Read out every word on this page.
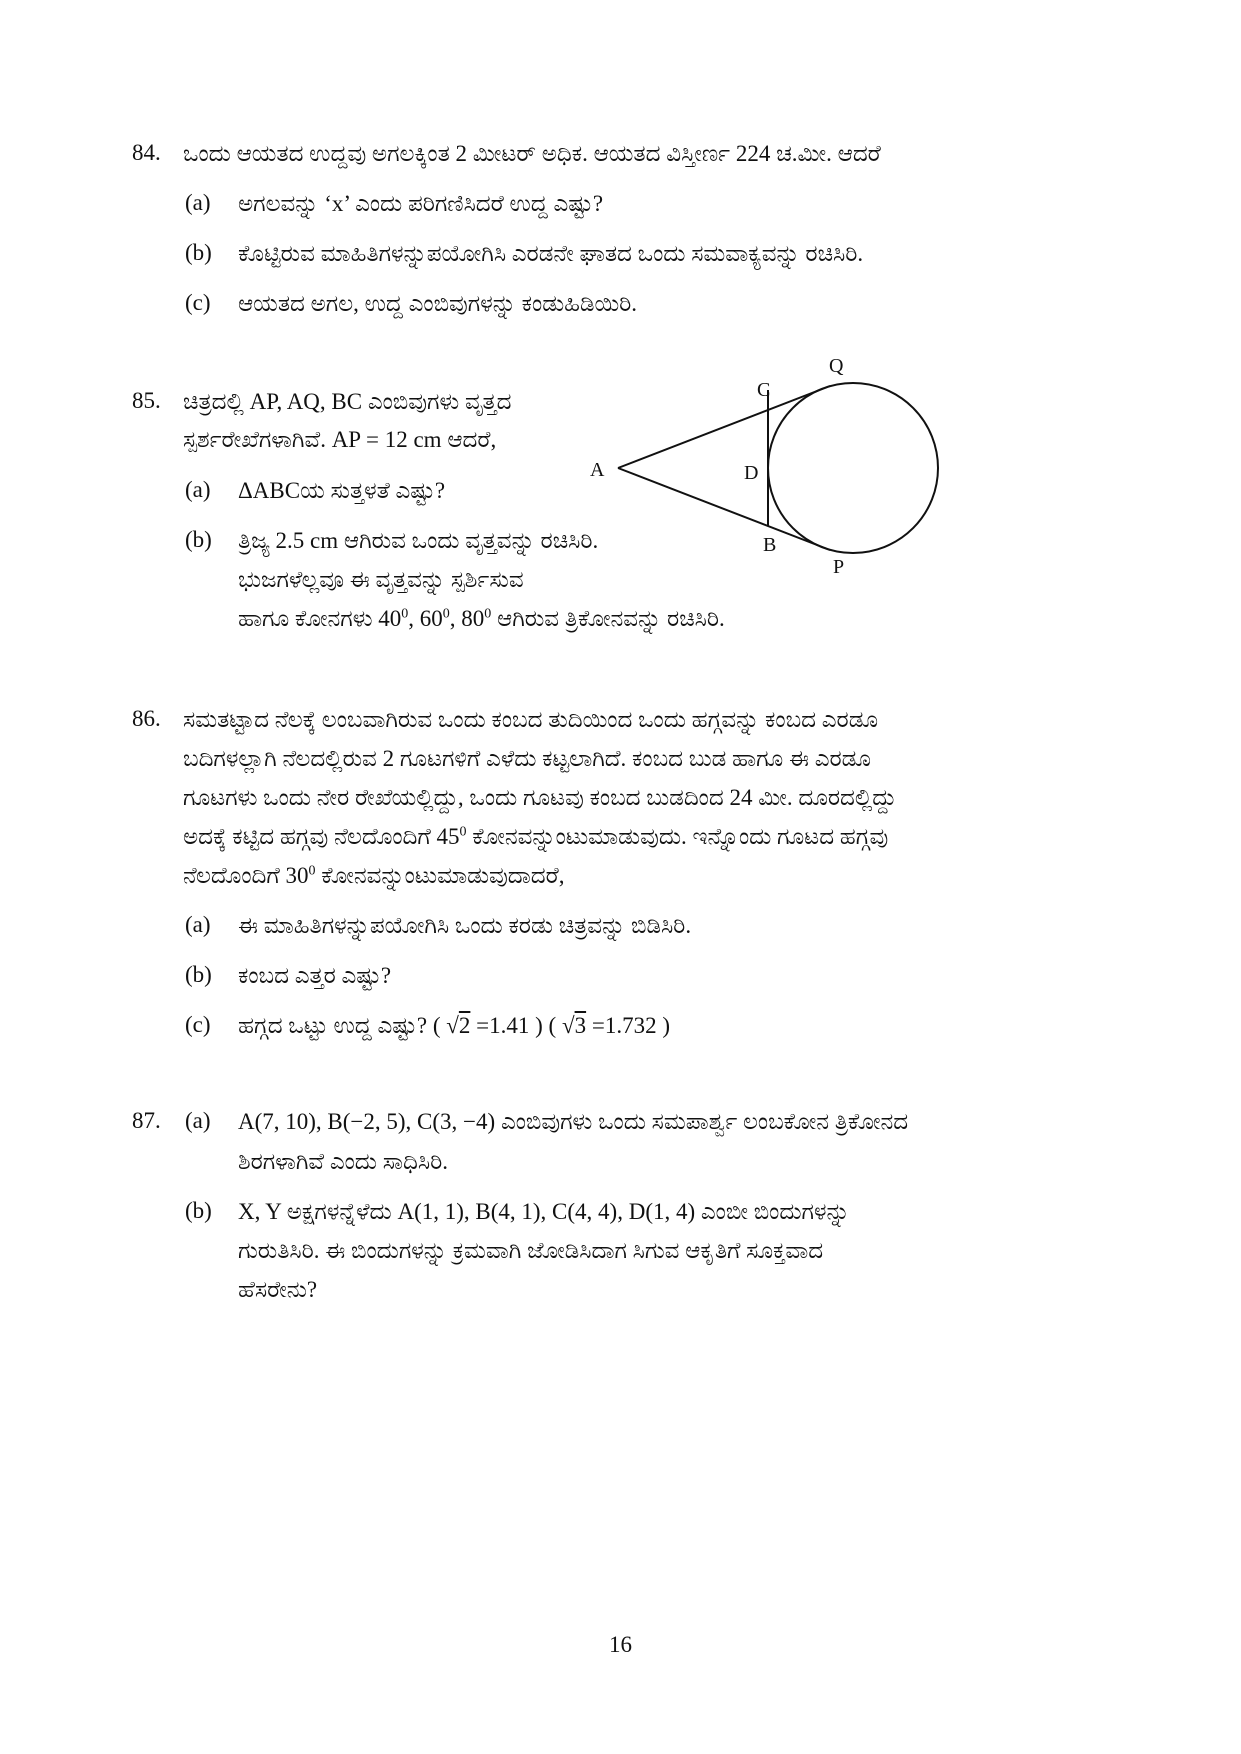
84. ಒಂದು ಆಯತದ ಉದ್ದವು ಅಗಲಕ್ಕಿಂತ 2 ಮೀಟರ್ ಅಧಿಕ. ಆಯತದ ವಿಸ್ತೀರ್ಣ 224 ಚ.ಮೀ. ಆದರೆ
(a) ಅಗಲವನ್ನು ‘x’ ಎಂದು ಪರಿಗಣಿಸಿದರೆ ಉದ್ದ ಎಷ್ಟು?
(b) ಕೊಟ್ಟಿರುವ ಮಾಹಿತಿಗಳನ್ನುಪಯೋಗಿಸಿ ಎರಡನೇ ಘಾತದ ಒಂದು ಸಮವಾಕ್ಯವನ್ನು ರಚಿಸಿರಿ.
(c) ಆಯತದ ಅಗಲ, ಉದ್ದ ಎಂಬಿವುಗಳನ್ನು ಕಂಡುಹಿಡಿಯಿರಿ.
85. ಚಿತ್ರದಲ್ಲಿ AP, AQ, BC ಎಂಬಿವುಗಳು ವೃತ್ತದ
ಸ್ಪರ್ಶರೇಖೆಗಳಾಗಿವೆ. AP = 12 cm ಆದರೆ,
(a) ΔABCಯ ಸುತ್ತಳತೆ ಎಷ್ಟು?
(b) ತ್ರಿಜ್ಯ 2.5 cm ಆಗಿರುವ ಒಂದು ವೃತ್ತವನ್ನು ರಚಿಸಿರಿ.
ಭುಜಗಳೆಲ್ಲವೂ ಈ ವೃತ್ತವನ್ನು ಸ್ಪರ್ಶಿಸುವ
ಹಾಗೂ ಕೋನಗಳು $40^0$, $60^0$, $80^0$ ಆಗಿರುವ ತ್ರಿಕೋನವನ್ನು ರಚಿಸಿರಿ.
A
C
D
B
Q
P
86. ಸಮತಟ್ಟಾದ ನೆಲಕ್ಕೆ ಲಂಬವಾಗಿರುವ ಒಂದು ಕಂಬದ ತುದಿಯಿಂದ ಒಂದು ಹಗ್ಗವನ್ನು ಕಂಬದ ಎರಡೂ
ಬದಿಗಳಲ್ಲಾಗಿ ನೆಲದಲ್ಲಿರುವ 2 ಗೂಟಗಳಿಗೆ ಎಳೆದು ಕಟ್ಟಲಾಗಿದೆ. ಕಂಬದ ಬುಡ ಹಾಗೂ ಈ ಎರಡೂ
ಗೂಟಗಳು ಒಂದು ನೇರ ರೇಖೆಯಲ್ಲಿದ್ದು, ಒಂದು ಗೂಟವು ಕಂಬದ ಬುಡದಿಂದ 24 ಮೀ. ದೂರದಲ್ಲಿದ್ದು
ಅದಕ್ಕೆ ಕಟ್ಟಿದ ಹಗ್ಗವು ನೆಲದೊಂದಿಗೆ $45^0$ ಕೋನವನ್ನುಂಟುಮಾಡುವುದು. ಇನ್ನೊಂದು ಗೂಟದ ಹಗ್ಗವು
ನೆಲದೊಂದಿಗೆ $30^0$ ಕೋನವನ್ನುಂಟುಮಾಡುವುದಾದರೆ,
(a) ಈ ಮಾಹಿತಿಗಳನ್ನುಪಯೋಗಿಸಿ ಒಂದು ಕರಡು ಚಿತ್ರವನ್ನು ಬಿಡಿಸಿರಿ.
(b) ಕಂಬದ ಎತ್ತರ ಎಷ್ಟು?
(c) ಹಗ್ಗದ ಒಟ್ಟು ಉದ್ದ ಎಷ್ಟು? ( √2 =1.41 ) ( √3 =1.732 )
87. (a) A(7, 10), B(−2, 5), C(3, −4) ಎಂಬಿವುಗಳು ಒಂದು ಸಮಪಾರ್ಶ್ವ ಲಂಬಕೋನ ತ್ರಿಕೋನದ
ಶಿರಗಳಾಗಿವೆ ಎಂದು ಸಾಧಿಸಿರಿ.
(b) X, Y ಅಕ್ಷಗಳನ್ನೆಳೆದು A(1, 1), B(4, 1), C(4, 4), D(1, 4) ಎಂಬೀ ಬಿಂದುಗಳನ್ನು
ಗುರುತಿಸಿರಿ. ಈ ಬಿಂದುಗಳನ್ನು ಕ್ರಮವಾಗಿ ಜೋಡಿಸಿದಾಗ ಸಿಗುವ ಆಕೃತಿಗೆ ಸೂಕ್ತವಾದ
ಹೆಸರೇನು?
16
